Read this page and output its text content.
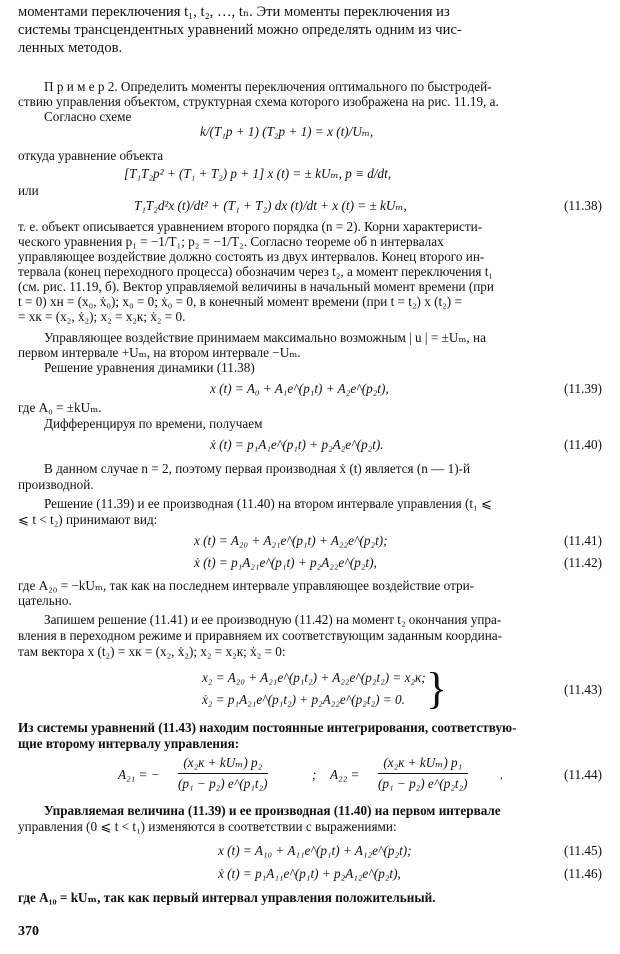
моментами переключения t₁, t₂, …, tₙ. Эти моменты переключения из
системы трансцендентных уравнений можно определять одним из чис-
ленных методов.
П р и м е р 2. Определить моменты переключения оптимального по быстродей-
ствию управления объектом, структурная схема которого изображена на рис. 11.19, а.
Согласно схеме
k/(T₁p + 1) (T₂p + 1) = x (t)/Uₘ,
откуда уравнение объекта
[T₁T₂p² + (T₁ + T₂) p + 1] x (t) = ± kUₘ, p ≡ d/dt,
или
T₁T₂d²x (t)/dt² + (T₁ + T₂) dx (t)/dt + x (t) = ± kUₘ,	(11.38)
т. е. объект описывается уравнением второго порядка (n = 2). Корни характеристи-
ческого уравнения p₁ = −1/T₁; p₂ = −1/T₂. Согласно теореме об n интервалах
управляющее воздействие должно состоять из двух интервалов. Конец второго ин-
тервала (конец переходного процесса) обозначим через t₂, а момент переключения t₁
(см. рис. 11.19, б). Вектор управляемой величины в начальный момент времени (при
t = 0) xн = (x₀, ẋ₀); x₀ = 0; ẋ₀ = 0, в конечный момент времени (при t = t₂) x (t₂) =
= xк = (x₂, ẋ₂); x₂ = x₂к; ẋ₂ = 0.
Управляющее воздействие принимаем максимально возможным | u | = ±Uₘ, на
первом интервале +Uₘ, на втором интервале −Uₘ.
Решение уравнения динамики (11.38)
x (t) = A₀ + A₁e^(p₁t) + A₂e^(p₂t),	(11.39)
где A₀ = ±kUₘ.
Дифференцируя по времени, получаем
ẋ (t) = p₁A₁e^(p₁t) + p₂A₂e^(p₂t).	(11.40)
В данном случае n = 2, поэтому первая производная ẋ (t) является (n — 1)-й
производной.
Решение (11.39) и ее производная (11.40) на втором интервале управления (t₁ ⩽
⩽ t < t₂) принимают вид:
x (t) = A₂₀ + A₂₁e^(p₁t) + A₂₂e^(p₂t);	(11.41)
ẋ (t) = p₁A₂₁e^(p₁t) + p₂A₂₂e^(p₂t),	(11.42)
где A₂₀ = −kUₘ, так как на последнем интервале управляющее воздействие отри-
цательно.
Запишем решение (11.41) и ее производную (11.42) на момент t₂ окончания упра-
вления в переходном режиме и приравняем их соответствующим заданным координа-
там вектора x (t₂) = xк = (x₂, ẋ₂); x₂ = x₂к; ẋ₂ = 0:
x₂ = A₂₀ + A₂₁e^(p₁t₂) + A₂₂e^(p₂t₂) = x₂к;
ẋ₂ = p₁A₂₁e^(p₁t₂) + p₂A₂₂e^(p₂t₂) = 0. }	(11.43)
Из системы уравнений (11.43) находим постоянные интегрирования, соответствую-
щие второму интервалу управления:
A₂₁ = −
(x₂к + kUₘ) p₂
(p₁ − p₂) e^(p₁t₂)
; A₂₂ =
(x₂к + kUₘ) p₁
(p₁ − p₂) e^(p₂t₂)
.	(11.44)
Управляемая величина (11.39) и ее производная (11.40) на первом интервале
управления (0 ⩽ t < t₁) изменяются в соответствии с выражениями:
x (t) = A₁₀ + A₁₁e^(p₁t) + A₁₂e^(p₂t);	(11.45)
ẋ (t) = p₁A₁₁e^(p₁t) + p₂A₁₂e^(p₂t),	(11.46)
где A₁₀ = kUₘ, так как первый интервал управления положительный.
370
